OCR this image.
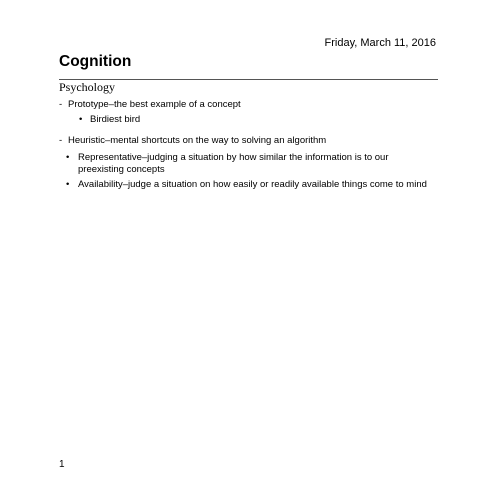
Friday, March 11, 2016
Cognition
Psychology
- Prototype–the best example of a concept
• Birdiest bird
- Heuristic–mental shortcuts on the way to solving an algorithm
• Representative–judging a situation by how similar the information is to our preexisting concepts
• Availability–judge a situation on how easily or readily available things come to mind
1
